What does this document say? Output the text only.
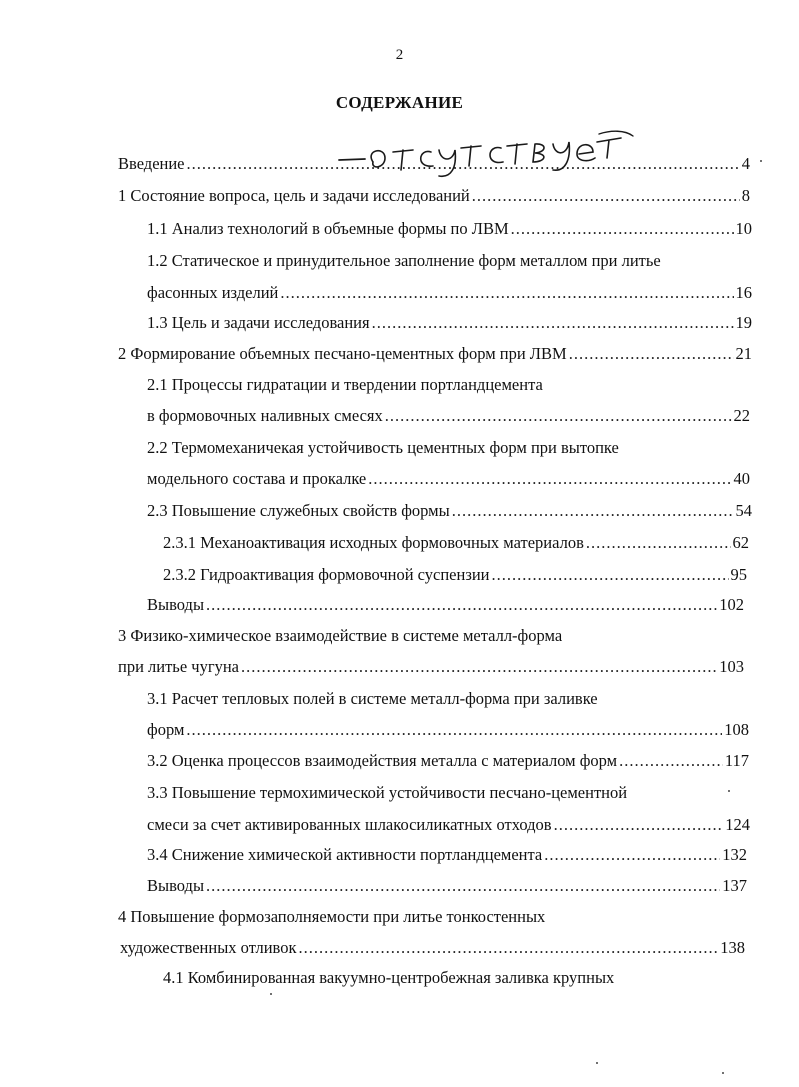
2
СОДЕРЖАНИЕ
Введение .....	4
1 Состояние вопроса, цель и задачи исследований .....	8
1.1 Анализ технологий в объемные формы по ЛВМ .....	10
1.2 Статическое и принудительное заполнение форм металлом при литье
фасонных изделий .....	16
1.3 Цель и задачи исследования .....	19
2 Формирование объемных песчано-цементных форм при ЛВМ .....	21
2.1 Процессы гидратации и твердении портландцемента
в формовочных наливных смесях .....	22
2.2 Термомеханичекая устойчивость цементных форм при вытопке
модельного состава и прокалке .....	40
2.3 Повышение служебных свойств формы .....	54
2.3.1 Механоактивация исходных формовочных материалов .....	62
2.3.2 Гидроактивация формовочной суспензии .....	95
Выводы .....	102
3 Физико-химическое взаимодействие в системе металл-форма
при литье чугуна .....	103
3.1 Расчет тепловых полей в системе металл-форма при заливке
форм .....	108
3.2 Оценка процессов взаимодействия металла с материалом форм .....	117
3.3 Повышение термохимической устойчивости песчано-цементной
смеси за счет активированных шлакосиликатных отходов .....	124
3.4 Снижение химической активности портландцемента .....	132
Выводы .....	137
4 Повышение формозаполняемости при литье тонкостенных
художественных отливок .....	138
4.1 Комбинированная вакуумно-центробежная заливка крупных
